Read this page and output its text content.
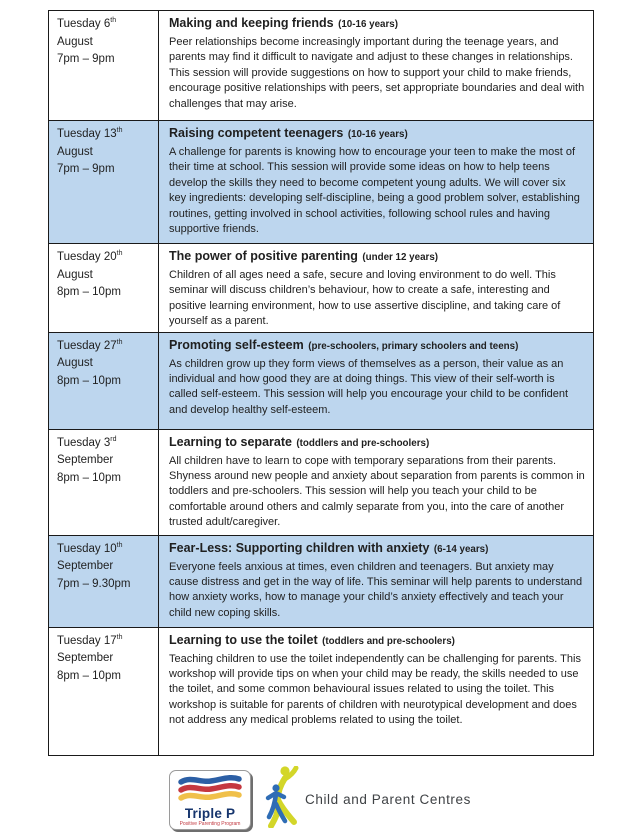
Tuesday 6th
August
7pm – 9pm

Making and keeping friends (10-16 years)
Peer relationships become increasingly important during the teenage years, and parents may find it difficult to navigate and adjust to these changes in relationships. This session will provide suggestions on how to support your child to make friends, encourage positive relationships with peers, set appropriate boundaries and deal with challenges that may arise.

Tuesday 13th
August
7pm – 9pm

Raising competent teenagers (10-16 years)
A challenge for parents is knowing how to encourage your teen to make the most of their time at school. This session will provide some ideas on how to help teens develop the skills they need to become competent young adults. We will cover six key ingredients: developing self-discipline, being a good problem solver, establishing routines, getting involved in school activities, following school rules and having supportive friends.

Tuesday 20th
August
8pm – 10pm

The power of positive parenting (under 12 years)
Children of all ages need a safe, secure and loving environment to do well. This seminar will discuss children’s behaviour, how to create a safe, interesting and positive learning environment, how to use assertive discipline, and taking care of yourself as a parent.

Tuesday 27th
August
8pm – 10pm

Promoting self-esteem (pre-schoolers, primary schoolers and teens)
As children grow up they form views of themselves as a person, their value as an individual and how good they are at doing things. This view of their self-worth is called self-esteem. This session will help you encourage your child to be confident and develop healthy self-esteem.

Tuesday 3rd
September
8pm – 10pm

Learning to separate (toddlers and pre-schoolers)
All children have to learn to cope with temporary separations from their parents. Shyness around new people and anxiety about separation from parents is common in toddlers and pre-schoolers. This session will help you teach your child to be comfortable around others and calmly separate from you, into the care of another trusted adult/caregiver.

Tuesday 10th
September
7pm – 9.30pm

Fear-Less: Supporting children with anxiety (6-14 years)
Everyone feels anxious at times, even children and teenagers. But anxiety may cause distress and get in the way of life. This seminar will help parents to understand how anxiety works, how to manage your child’s anxiety effectively and teach your child new coping skills.

Tuesday 17th
September
8pm – 10pm

Learning to use the toilet (toddlers and pre-schoolers)
Teaching children to use the toilet independently can be challenging for parents. This workshop will provide tips on when your child may be ready, the skills needed to use the toilet, and some common behavioural issues related to using the toilet. This workshop is suitable for parents of children with neurotypical development and does not address any medical problems related to using the toilet.
Triple P
Positive Parenting Program
Child and Parent Centres
